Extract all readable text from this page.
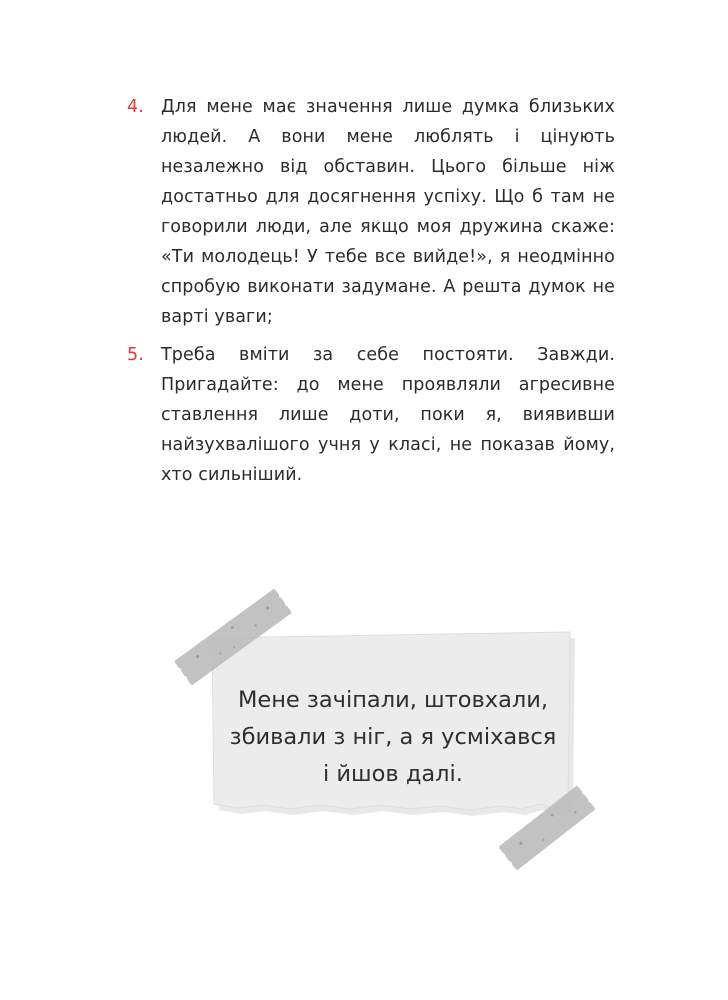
4. Для мене має значення лише думка близьких людей. А вони мене люблять і цінують незалежно від обставин. Цього більше ніж достатньо для досягнення успіху. Що б там не говорили люди, але якщо моя дружина скаже: «Ти молодець! У тебе все вийде!», я неодмінно спробую виконати задумане. А решта думок не варті уваги;
5. Треба вміти за себе постояти. Завжди. Пригадайте: до мене проявляли агресивне ставлення лише доти, поки я, виявивши найзухвалішого учня у класі, не показав йому, хто сильніший.

Мене зачіпали, штовхали,
збивали з ніг, а я усміхався
і йшов далі.
